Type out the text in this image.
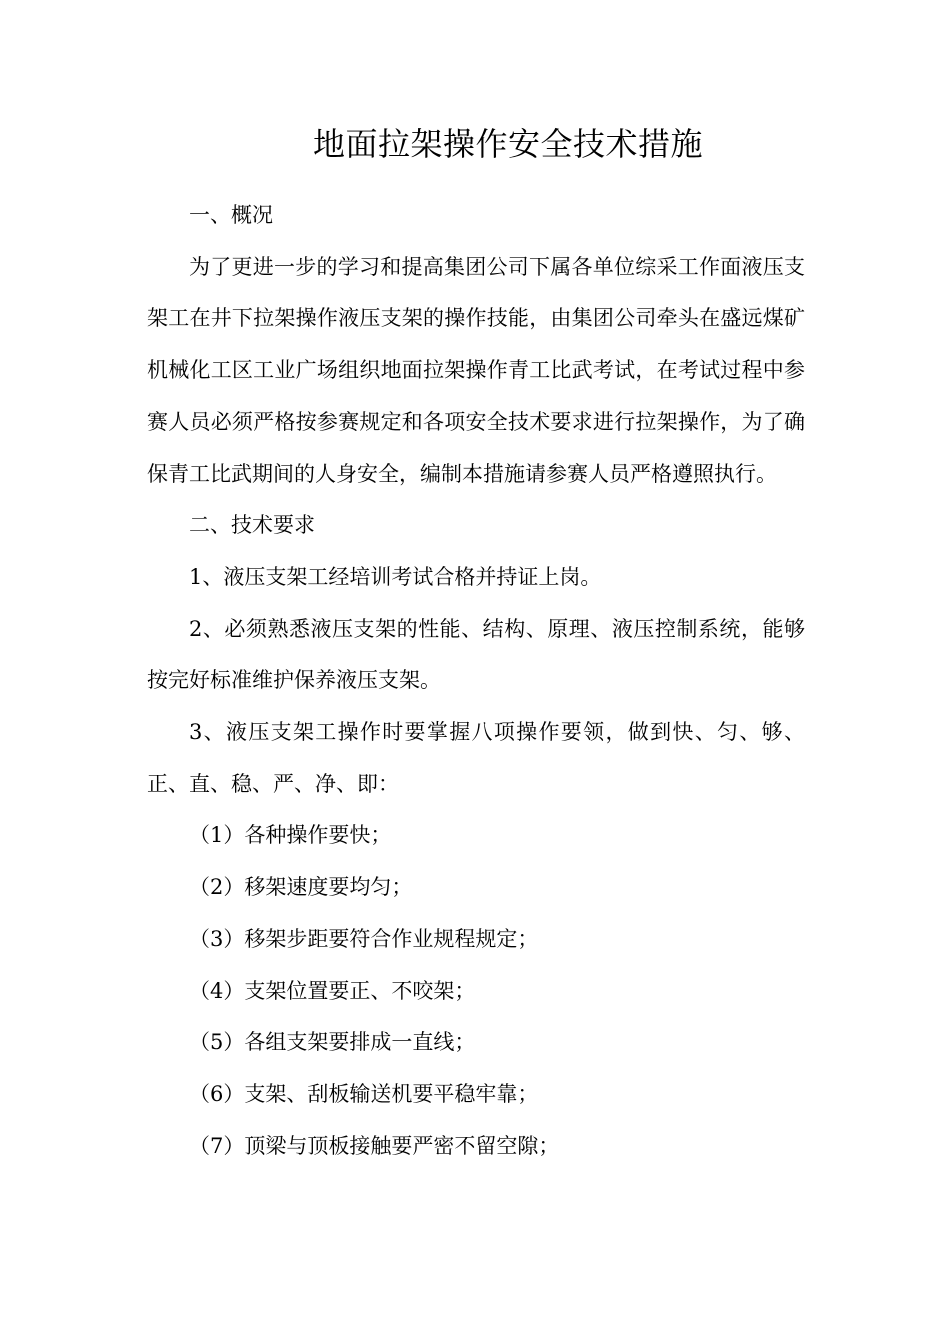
地面拉架操作安全技术措施

一、概况

为了更进一步的学习和提高集团公司下属各单位综采工作面液压支架工在井下拉架操作液压支架的操作技能，由集团公司牵头在盛远煤矿机械化工区工业广场组织地面拉架操作青工比武考试，在考试过程中参赛人员必须严格按参赛规定和各项安全技术要求进行拉架操作，为了确保青工比武期间的人身安全，编制本措施请参赛人员严格遵照执行。

二、技术要求

1、液压支架工经培训考试合格并持证上岗。

2、必须熟悉液压支架的性能、结构、原理、液压控制系统，能够按完好标准维护保养液压支架。

3、液压支架工操作时要掌握八项操作要领，做到快、匀、够、正、直、稳、严、净、即：

（1）各种操作要快；

（2）移架速度要均匀；

（3）移架步距要符合作业规程规定；

（4）支架位置要正、不咬架；

（5）各组支架要排成一直线；

（6）支架、刮板输送机要平稳牢靠；

（7）顶梁与顶板接触要严密不留空隙；
